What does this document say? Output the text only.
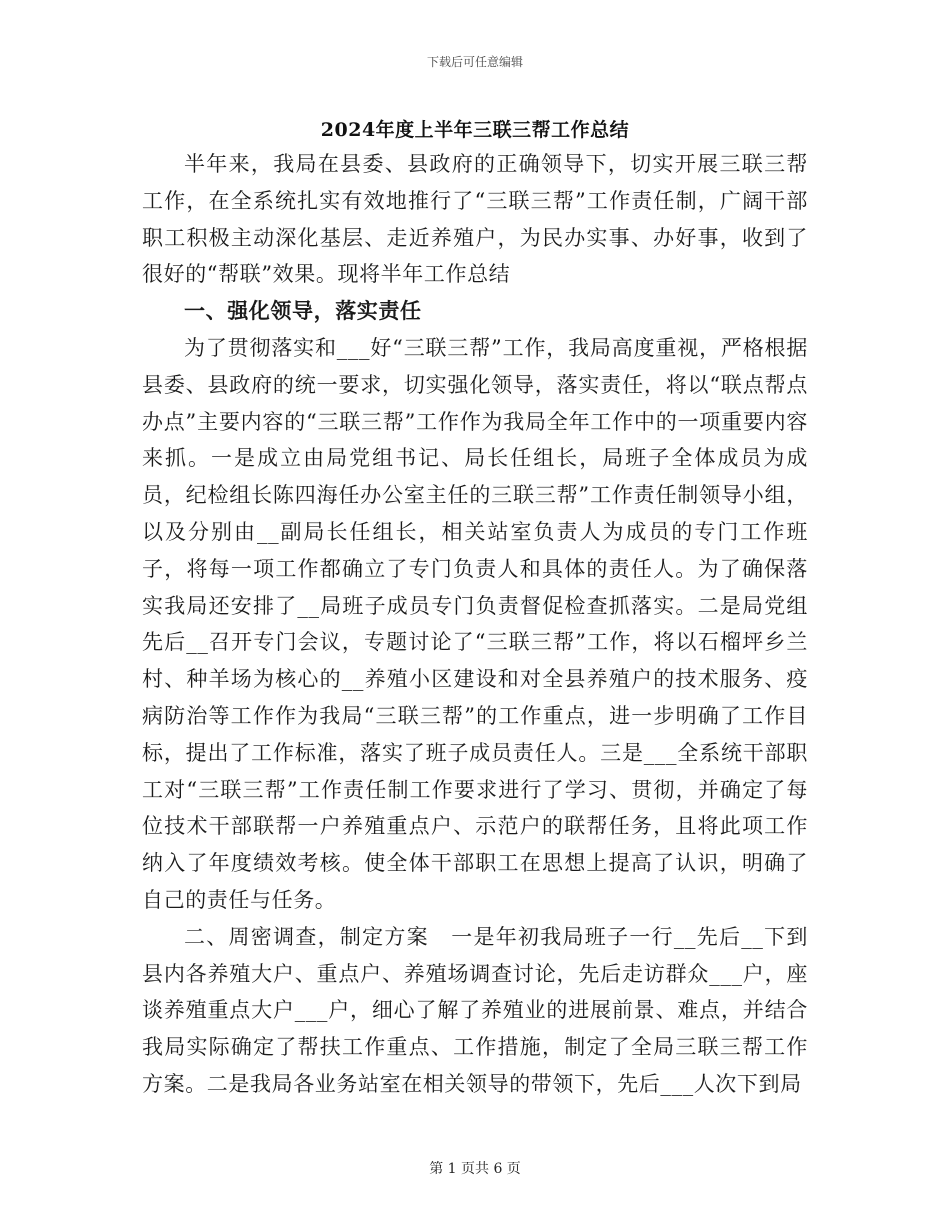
下载后可任意编辑
2024年度上半年三联三帮工作总结

半年来，我局在县委、县政府的正确领导下，切实开展三联三帮工作，在全系统扎实有效地推行了“三联三帮”工作责任制，广阔干部职工积极主动深化基层、走近养殖户，为民办实事、办好事，收到了很好的“帮联”效果。现将半年工作总结

一、强化领导，落实责任

为了贯彻落实和___好“三联三帮”工作，我局高度重视，严格根据县委、县政府的统一要求，切实强化领导，落实责任，将以“联点帮点办点”主要内容的“三联三帮”工作作为我局全年工作中的一项重要内容来抓。一是成立由局党组书记、局长任组长，局班子全体成员为成员，纪检组长陈四海任办公室主任的三联三帮”工作责任制领导小组，以及分别由__副局长任组长，相关站室负责人为成员的专门工作班子，将每一项工作都确立了专门负责人和具体的责任人。为了确保落实我局还安排了__局班子成员专门负责督促检查抓落实。二是局党组先后__召开专门会议，专题讨论了“三联三帮”工作，将以石榴坪乡兰村、种羊场为核心的__养殖小区建设和对全县养殖户的技术服务、疫病防治等工作作为我局“三联三帮”的工作重点，进一步明确了工作目标，提出了工作标准，落实了班子成员责任人。三是___全系统干部职工对“三联三帮”工作责任制工作要求进行了学习、贯彻，并确定了每位技术干部联帮一户养殖重点户、示范户的联帮任务，且将此项工作纳入了年度绩效考核。使全体干部职工在思想上提高了认识，明确了自己的责任与任务。

二、周密调查，制定方案　一是年初我局班子一行__先后__下到县内各养殖大户、重点户、养殖场调查讨论，先后走访群众___户，座谈养殖重点大户___户，细心了解了养殖业的进展前景、难点，并结合我局实际确定了帮扶工作重点、工作措施，制定了全局三联三帮工作方案。二是我局各业务站室在相关领导的带领下，先后___人次下到局

第 1 页共 6 页
